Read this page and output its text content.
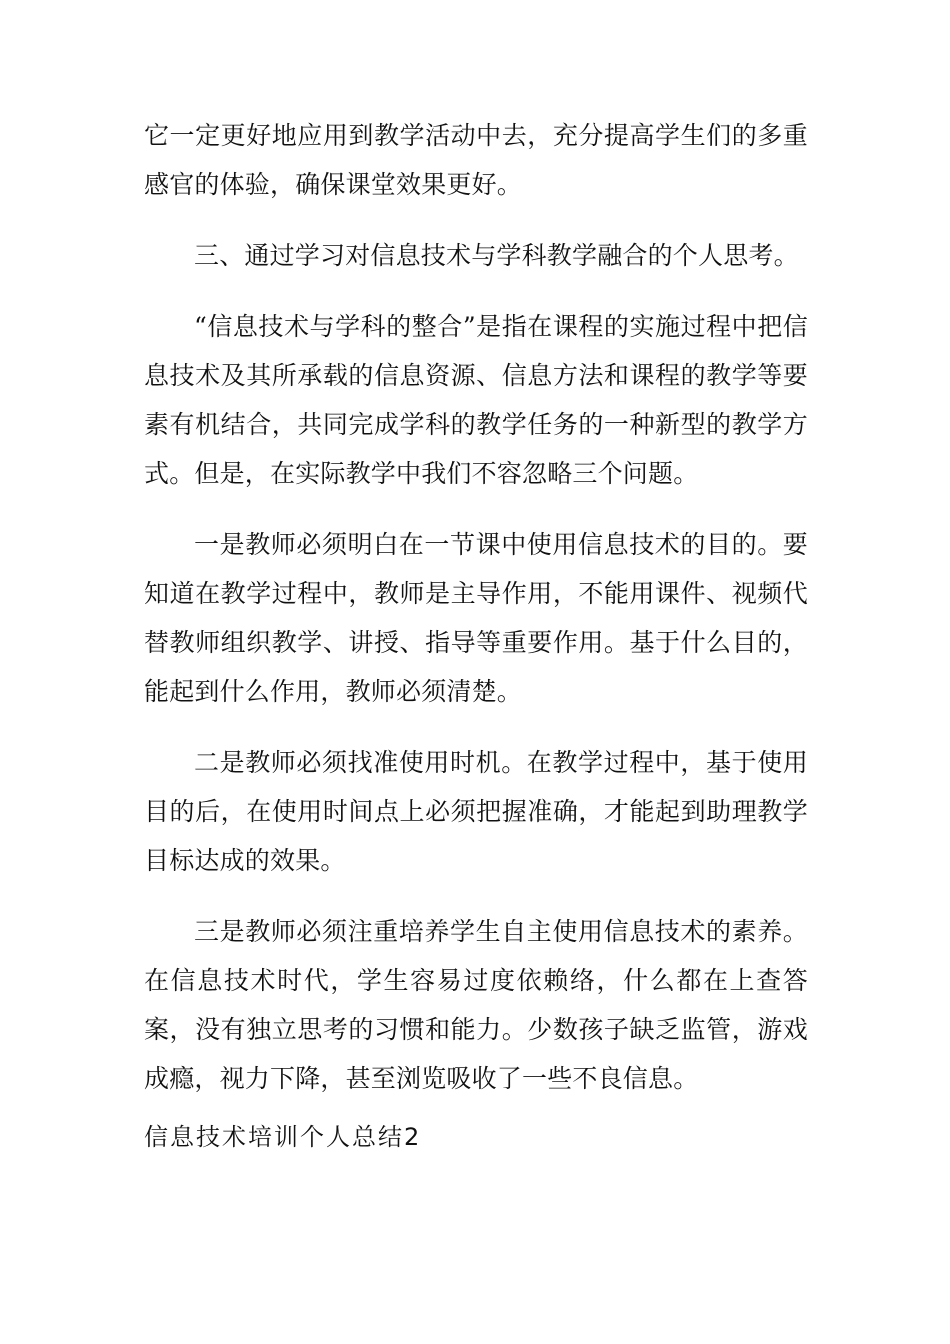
它一定更好地应用到教学活动中去，充分提高学生们的多重感官的体验，确保课堂效果更好。

三、通过学习对信息技术与学科教学融合的个人思考。

“信息技术与学科的整合”是指在课程的实施过程中把信息技术及其所承载的信息资源、信息方法和课程的教学等要素有机结合，共同完成学科的教学任务的一种新型的教学方式。但是，在实际教学中我们不容忽略三个问题。

一是教师必须明白在一节课中使用信息技术的目的。要知道在教学过程中，教师是主导作用，不能用课件、视频代替教师组织教学、讲授、指导等重要作用。基于什么目的，能起到什么作用，教师必须清楚。

二是教师必须找准使用时机。在教学过程中，基于使用目的后，在使用时间点上必须把握准确，才能起到助理教学目标达成的效果。

三是教师必须注重培养学生自主使用信息技术的素养。在信息技术时代，学生容易过度依赖络，什么都在上查答案，没有独立思考的习惯和能力。少数孩子缺乏监管，游戏成瘾，视力下降，甚至浏览吸收了一些不良信息。

信息技术培训个人总结2
